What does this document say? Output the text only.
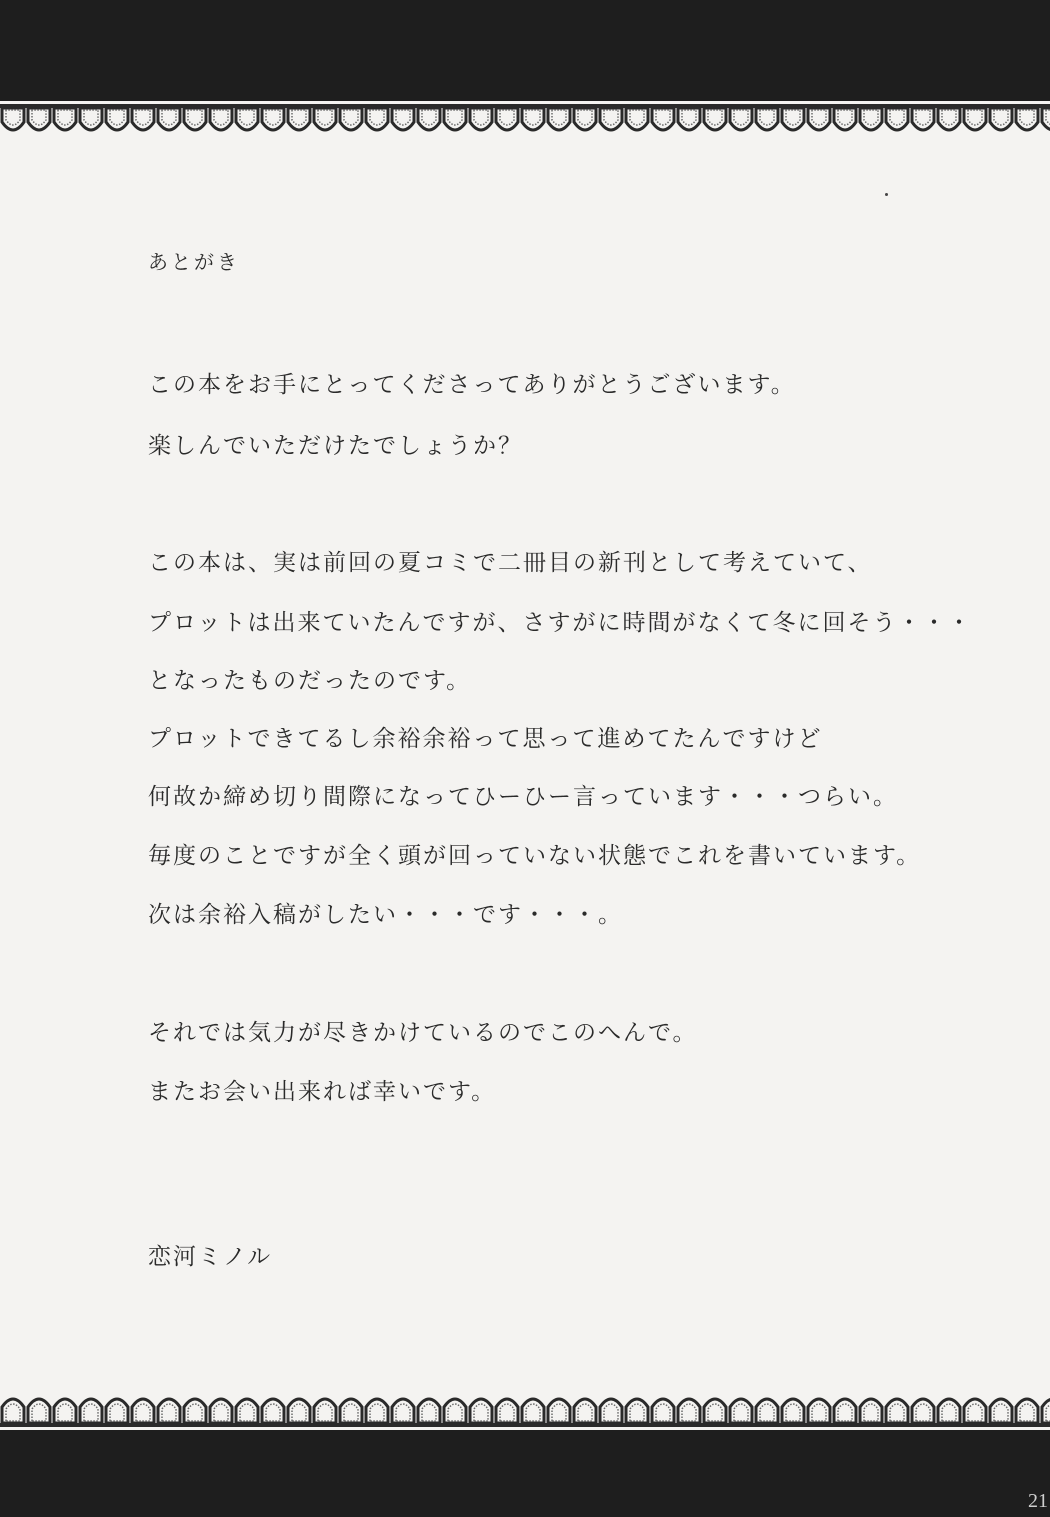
あとがき
この本をお手にとってくださってありがとうございます。
楽しんでいただけたでしょうか？
この本は、実は前回の夏コミで二冊目の新刊として考えていて、
プロットは出来ていたんですが、さすがに時間がなくて冬に回そう・・・
となったものだったのです。
プロットできてるし余裕余裕って思って進めてたんですけど
何故か締め切り間際になってひーひー言っています・・・つらい。
毎度のことですが全く頭が回っていない状態でこれを書いています。
次は余裕入稿がしたい・・・です・・・。
それでは気力が尽きかけているのでこのへんで。
またお会い出来れば幸いです。
恋河ミノル
21
